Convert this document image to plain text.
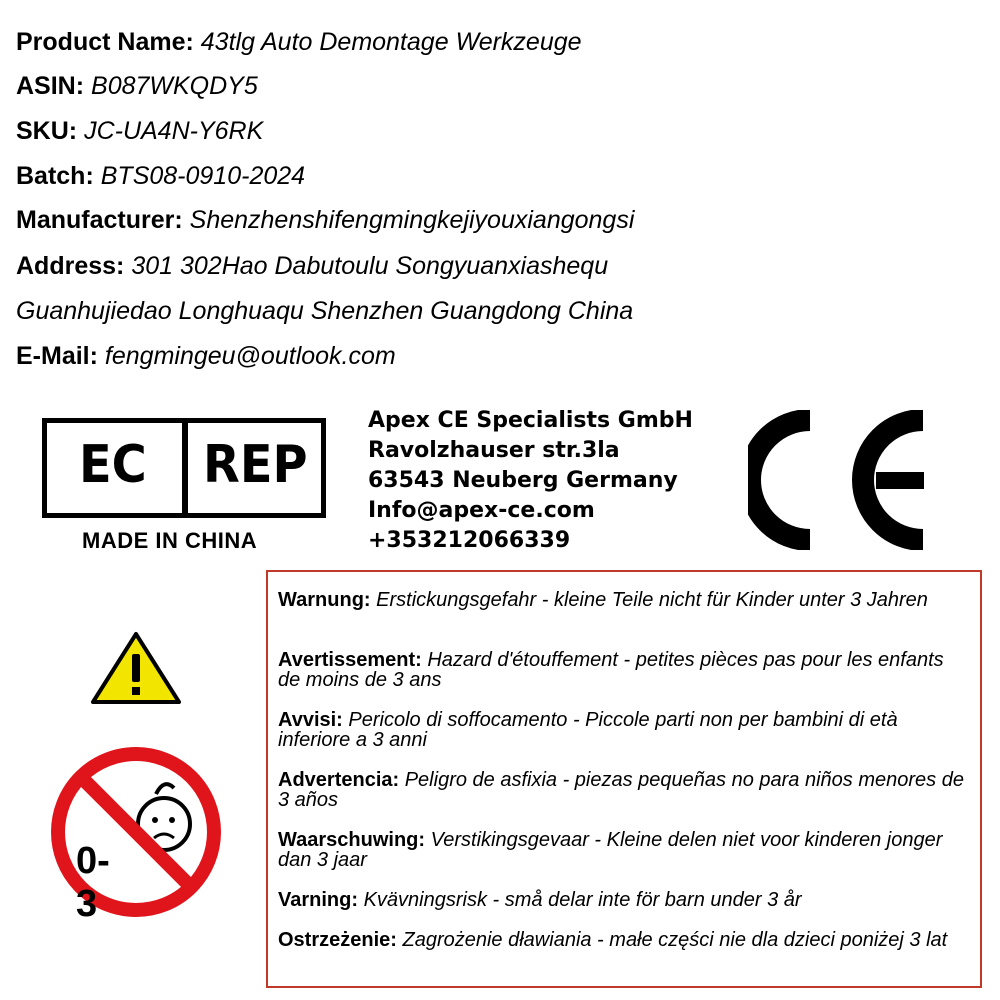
Product Name: 43tlg Auto Demontage Werkzeuge
ASIN: B087WKQDY5
SKU: JC-UA4N-Y6RK
Batch: BTS08-0910-2024
Manufacturer: Shenzhenshifengmingkejiyouxiangongsi
Address: 301 302Hao Dabutoulu Songyuanxiashequ
Guanhujiedao Longhuaqu Shenzhen Guangdong China
E-Mail: fengmingeu@outlook.com
EC REP
MADE IN CHINA
Apex CE Specialists GmbH
Ravolzhauser str.3la
63543 Neuberg Germany
Info@apex-ce.com
+353212066339
0-3
Warnung: Erstickungsgefahr - kleine Teile nicht für Kinder unter 3 Jahren
Avertissement: Hazard d'étouffement - petites pièces pas pour les enfants de moins de 3 ans
Avvisi: Pericolo di soffocamento - Piccole parti non per bambini di età inferiore a 3 anni
Advertencia: Peligro de asfixia - piezas pequeñas no para niños menores de 3 años
Waarschuwing: Verstikingsgevaar - Kleine delen niet voor kinderen jonger dan 3 jaar
Varning: Kvävningsrisk - små delar inte för barn under 3 år
Ostrzeżenie: Zagrożenie dławiania - małe części nie dla dzieci poniżej 3 lat
